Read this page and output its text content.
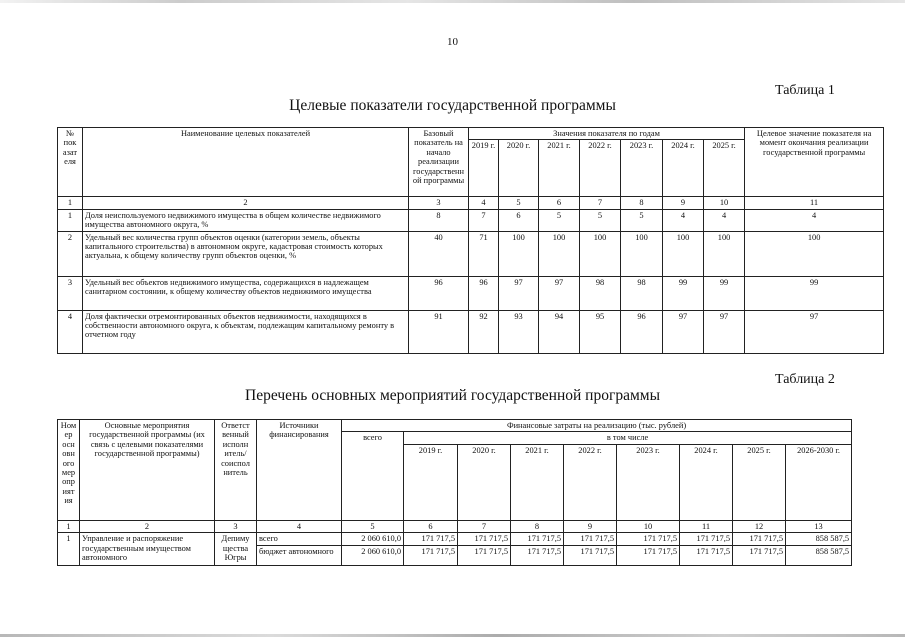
10
Таблица 1
Целевые показатели государственной программы
№ пок азат еля	Наименование целевых показателей	Базовый показатель на начало реализации государственн ой программы	Значения показателя по годам							Целевое значение показателя на момент окончания реализации государственной программы
			2019 г.	2020 г.	2021 г.	2022 г.	2023 г.	2024 г.	2025 г.	
1	2	3	4	5	6	7	8	9	10	11
1	Доля неиспользуемого недвижимого имущества в общем количестве недвижимого имущества автономного округа, %	8	7	6	5	5	5	4	4	4
2	Удельный вес количества групп объектов оценки (категории земель, объекты капитального строительства) в автономном округе, кадастровая стоимость которых актуальна, к общему количеству групп объектов оценки, %	40	71	100	100	100	100	100	100	100
3	Удельный вес объектов недвижимого имущества, содержащихся в надлежащем санитарном состоянии, к общему количеству объектов недвижимого имущества	96	96	97	97	98	98	99	99	99
4	Доля фактически отремонтированных объектов недвижимости, находящихся в собственности автономного округа, к объектам, подлежащим капитальному ремонту в отчетном году	91	92	93	94	95	96	97	97	97
Таблица 2
Перечень основных мероприятий государственной программы
Ном ер осн овн ого мер опр ият ия	Основные мероприятия государственной программы (их связь с целевыми показателями государственной программы)	Ответст венный исполн итель/ соиспол нитель	Источники финансирования	Финансовые затраты на реализацию (тыс. рублей)								
				всего	в том числе							
					2019 г.	2020 г.	2021 г.	2022 г.	2023 г.	2024 г.	2025 г.	2026-2030 г.
1	2	3	4	5	6	7	8	9	10	11	12	13
1	Управление и распоряжение государственным имуществом автономного	Депиму щества Югры	всего	2 060 610,0	171 717,5	171 717,5	171 717,5	171 717,5	171 717,5	171 717,5	171 717,5	858 587,5
			бюджет автономного	2 060 610,0	171 717,5	171 717,5	171 717,5	171 717,5	171 717,5	171 717,5	171 717,5	858 587,5
